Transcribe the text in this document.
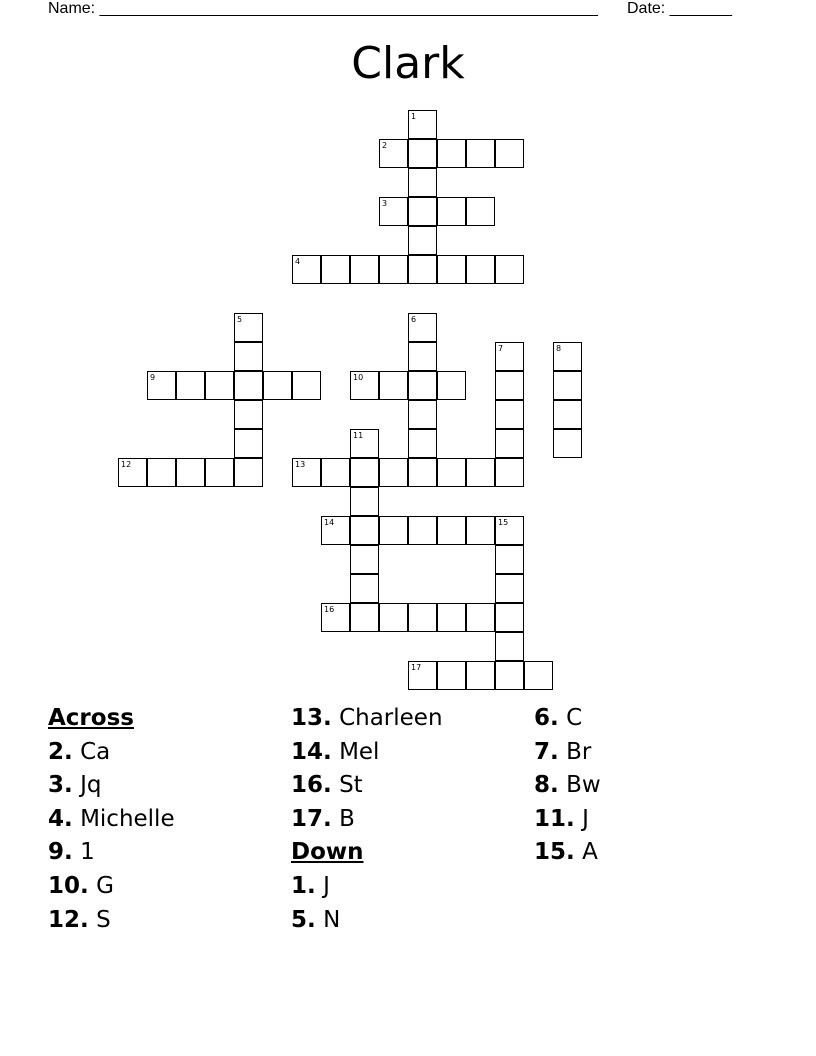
Name: ________________________________________________________ Date: _______
Clark
1
2
3
4
5	6
7	8
9	10
11
12	13
14	15
16
17
Across
2. Ca
3. Jq
4. Michelle
9. 1
10. G
12. S
13. Charleen
14. Mel
16. St
17. B
Down
1. J
5. N
6. C
7. Br
8. Bw
11. J
15. A
